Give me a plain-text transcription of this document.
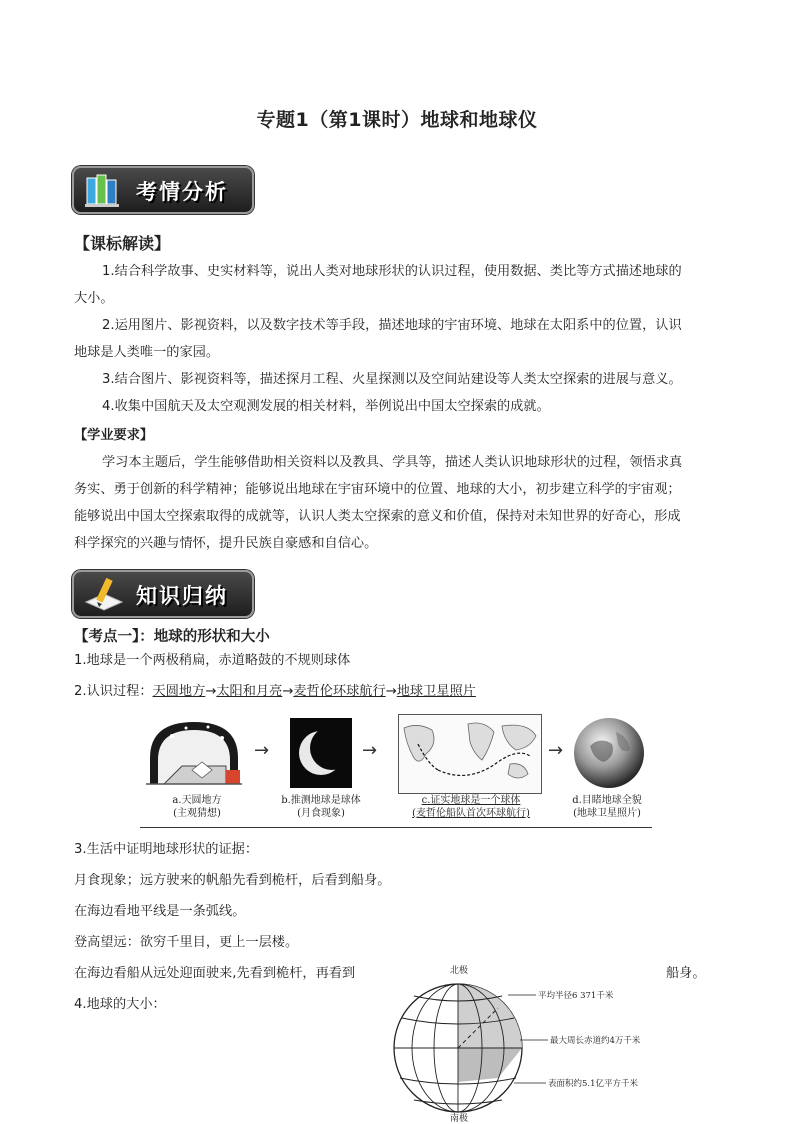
专题1（第1课时）地球和地球仪
考情分析
【课标解读】
1.结合科学故事、史实材料等，说出人类对地球形状的认识过程，使用数据、类比等方式描述地球的
大小。
2.运用图片、影视资料，以及数字技术等手段，描述地球的宇宙环境、地球在太阳系中的位置，认识
地球是人类唯一的家园。
3.结合图片、影视资料等，描述探月工程、火星探测以及空间站建设等人类太空探索的进展与意义。
4.收集中国航天及太空观测发展的相关材料，举例说出中国太空探索的成就。
【学业要求】
学习本主题后，学生能够借助相关资料以及教具、学具等，描述人类认识地球形状的过程，领悟求真
务实、勇于创新的科学精神；能够说出地球在宇宙环境中的位置、地球的大小，初步建立科学的宇宙观；
能够说出中国太空探索取得的成就等，认识人类太空探索的意义和价值，保持对未知世界的好奇心，形成
科学探究的兴趣与情怀，提升民族自豪感和自信心。
知识归纳
【考点一】：地球的形状和大小
1.地球是一个两极稍扁，赤道略鼓的不规则球体
2.认识过程：天圆地方→太阳和月亮→麦哲伦环球航行→地球卫星照片
→	→	→
a.天圆地方
(主观猜想)
b.推测地球是球体
(月食现象)
c.证实地球是一个球体
(麦哲伦船队首次环球航行)
d.目睹地球全貌
(地球卫星照片)
3.生活中证明地球形状的证据：
月食现象；远方驶来的帆船先看到桅杆，后看到船身。
在海边看地平线是一条弧线。
登高望远：欲穷千里目，更上一层楼。
在海边看船从远处迎面驶来,先看到桅杆，再看到	船身。
4.地球的大小：
北极
南极
平均半径6 371千米
最大周长赤道约4万千米
表面积约5.1亿平方千米
